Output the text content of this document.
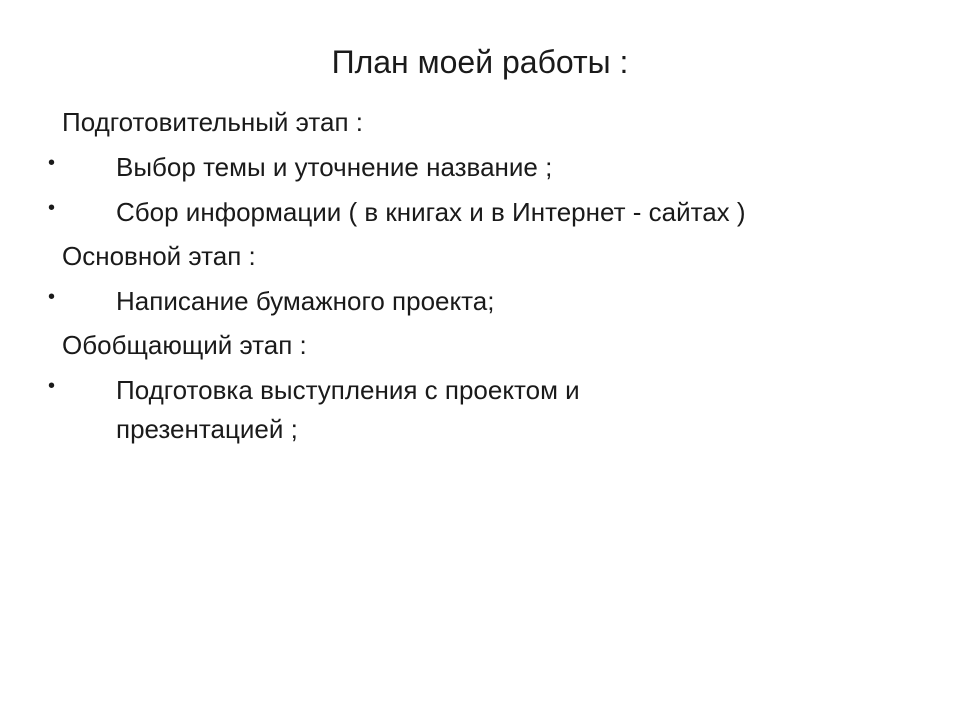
План моей работы :
Подготовительный этап :
• Выбор темы и уточнение название ;
• Сбор информации ( в книгах и в Интернет - сайтах )
Основной этап :
• Написание бумажного проекта;
Обобщающий этап :
• Подготовка выступления с проектом и
презентацией ;
